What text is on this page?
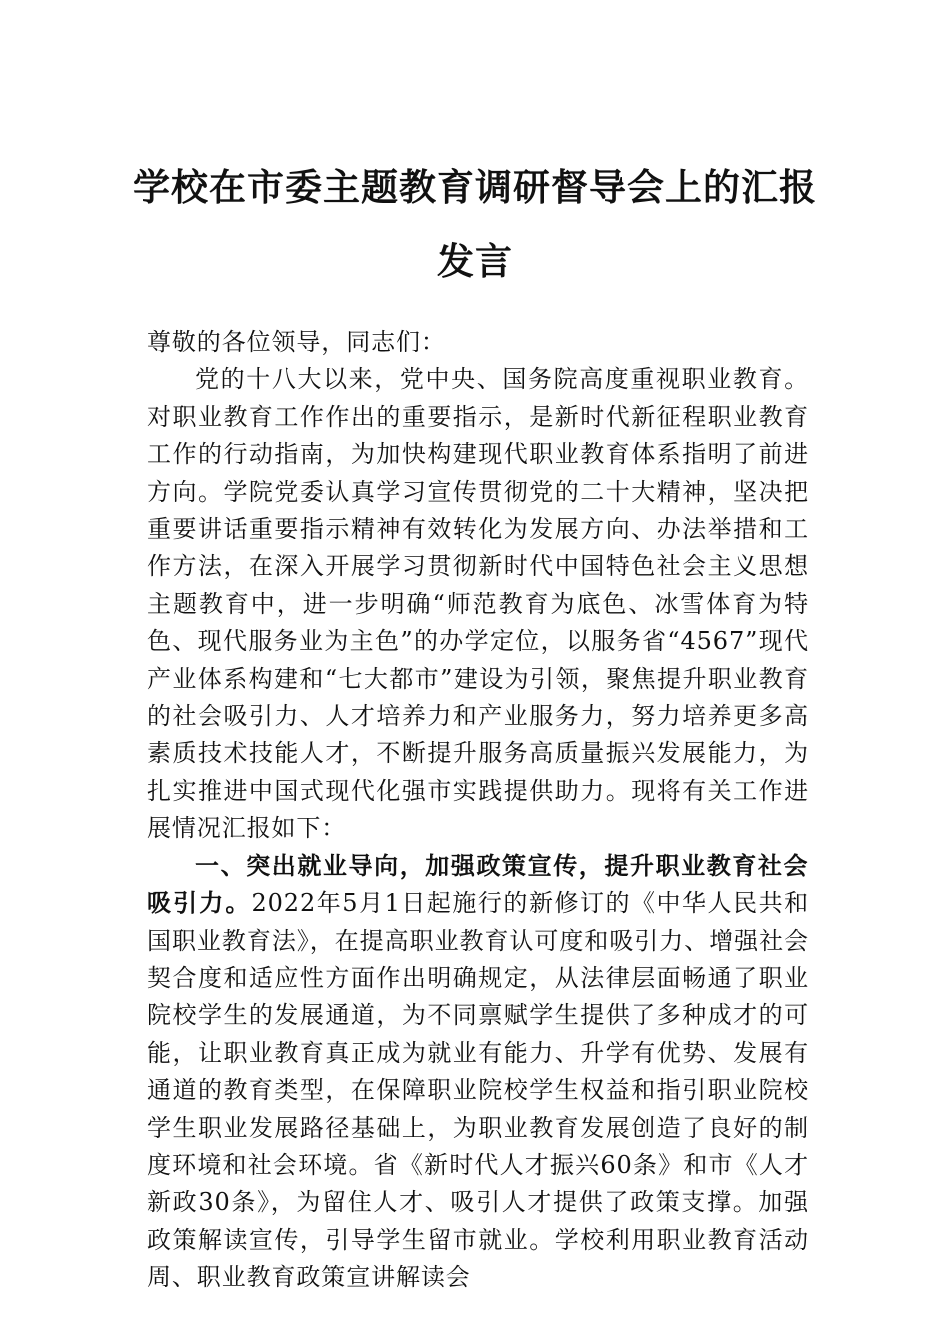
学校在市委主题教育调研督导会上的汇报
发言

尊敬的各位领导，同志们：

党的十八大以来，党中央、国务院高度重视职业教育。对职业教育工作作出的重要指示，是新时代新征程职业教育工作的行动指南，为加快构建现代职业教育体系指明了前进方向。学院党委认真学习宣传贯彻党的二十大精神，坚决把重要讲话重要指示精神有效转化为发展方向、办法举措和工作方法，在深入开展学习贯彻新时代中国特色社会主义思想主题教育中，进一步明确“师范教育为底色、冰雪体育为特色、现代服务业为主色”的办学定位，以服务省“4567”现代产业体系构建和“七大都市”建设为引领，聚焦提升职业教育的社会吸引力、人才培养力和产业服务力，努力培养更多高素质技术技能人才，不断提升服务高质量振兴发展能力，为扎实推进中国式现代化强市实践提供助力。现将有关工作进展情况汇报如下：

一、突出就业导向，加强政策宣传，提升职业教育社会吸引力。2022年5月1日起施行的新修订的《中华人民共和国职业教育法》，在提高职业教育认可度和吸引力、增强社会契合度和适应性方面作出明确规定，从法律层面畅通了职业院校学生的发展通道，为不同禀赋学生提供了多种成才的可能，让职业教育真正成为就业有能力、升学有优势、发展有通道的教育类型，在保障职业院校学生权益和指引职业院校学生职业发展路径基础上，为职业教育发展创造了良好的制度环境和社会环境。省《新时代人才振兴60条》和市《人才新政30条》，为留住人才、吸引人才提供了政策支撑。加强政策解读宣传，引导学生留市就业。学校利用职业教育活动周、职业教育政策宣讲解读会
